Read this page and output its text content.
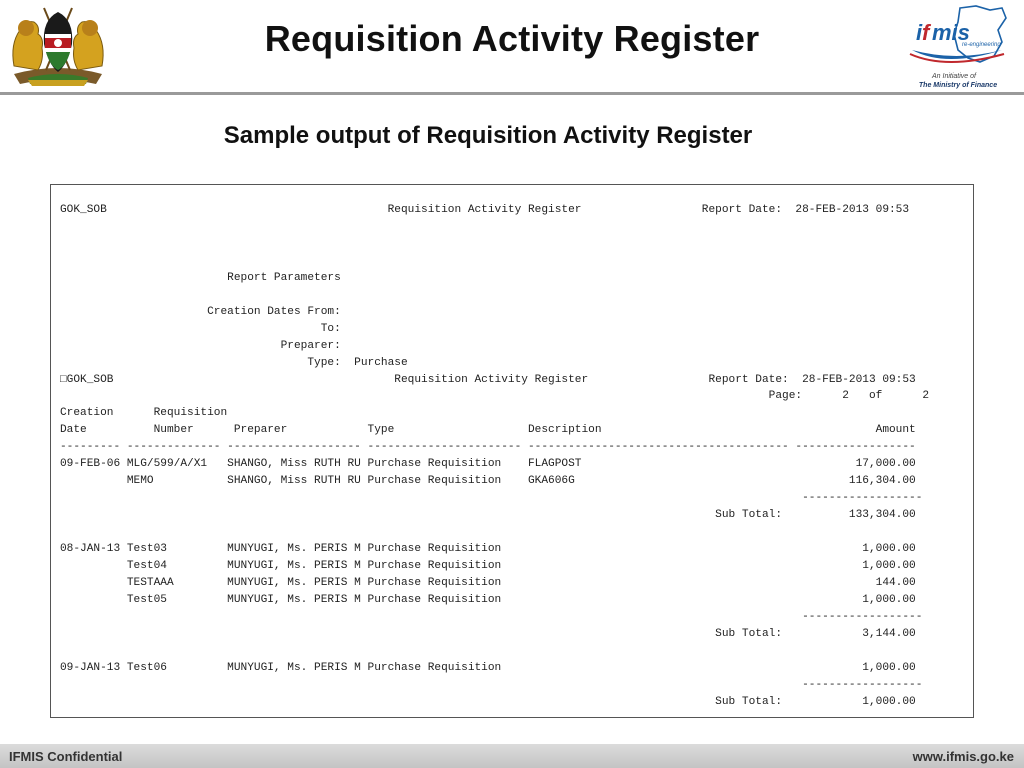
Requisition Activity Register	i f mis
re-engineering
An Initiative of
The Ministry of Finance
Sample output of Requisition Activity Register
GOK_SOB                                          Requisition Activity Register                  Report Date:  28-FEB-2013 09:53

Report Parameters

Creation Dates From:
To:
Preparer:
Type:  Purchase
□GOK_SOB                                          Requisition Activity Register                  Report Date:  28-FEB-2013 09:53
Page:      2   of      2
Creation      Requisition
Date          Number      Preparer            Type                    Description                                         Amount
--------- -------------- -------------------- ----------------------- --------------------------------------- ------------------
09-FEB-06 MLG/599/A/X1   SHANGO, Miss RUTH RU Purchase Requisition    FLAGPOST                                         17,000.00
MEMO           SHANGO, Miss RUTH RU Purchase Requisition    GKA606G                                         116,304.00
------------------
Sub Total:          133,304.00

08-JAN-13 Test03         MUNYUGI, Ms. PERIS M Purchase Requisition                                                      1,000.00
Test04         MUNYUGI, Ms. PERIS M Purchase Requisition                                                      1,000.00
TESTAAA        MUNYUGI, Ms. PERIS M Purchase Requisition                                                        144.00
Test05         MUNYUGI, Ms. PERIS M Purchase Requisition                                                      1,000.00
------------------
Sub Total:            3,144.00

09-JAN-13 Test06         MUNYUGI, Ms. PERIS M Purchase Requisition                                                      1,000.00
------------------
Sub Total:            1,000.00

IFMIS Confidential	www.ifmis.go.ke
